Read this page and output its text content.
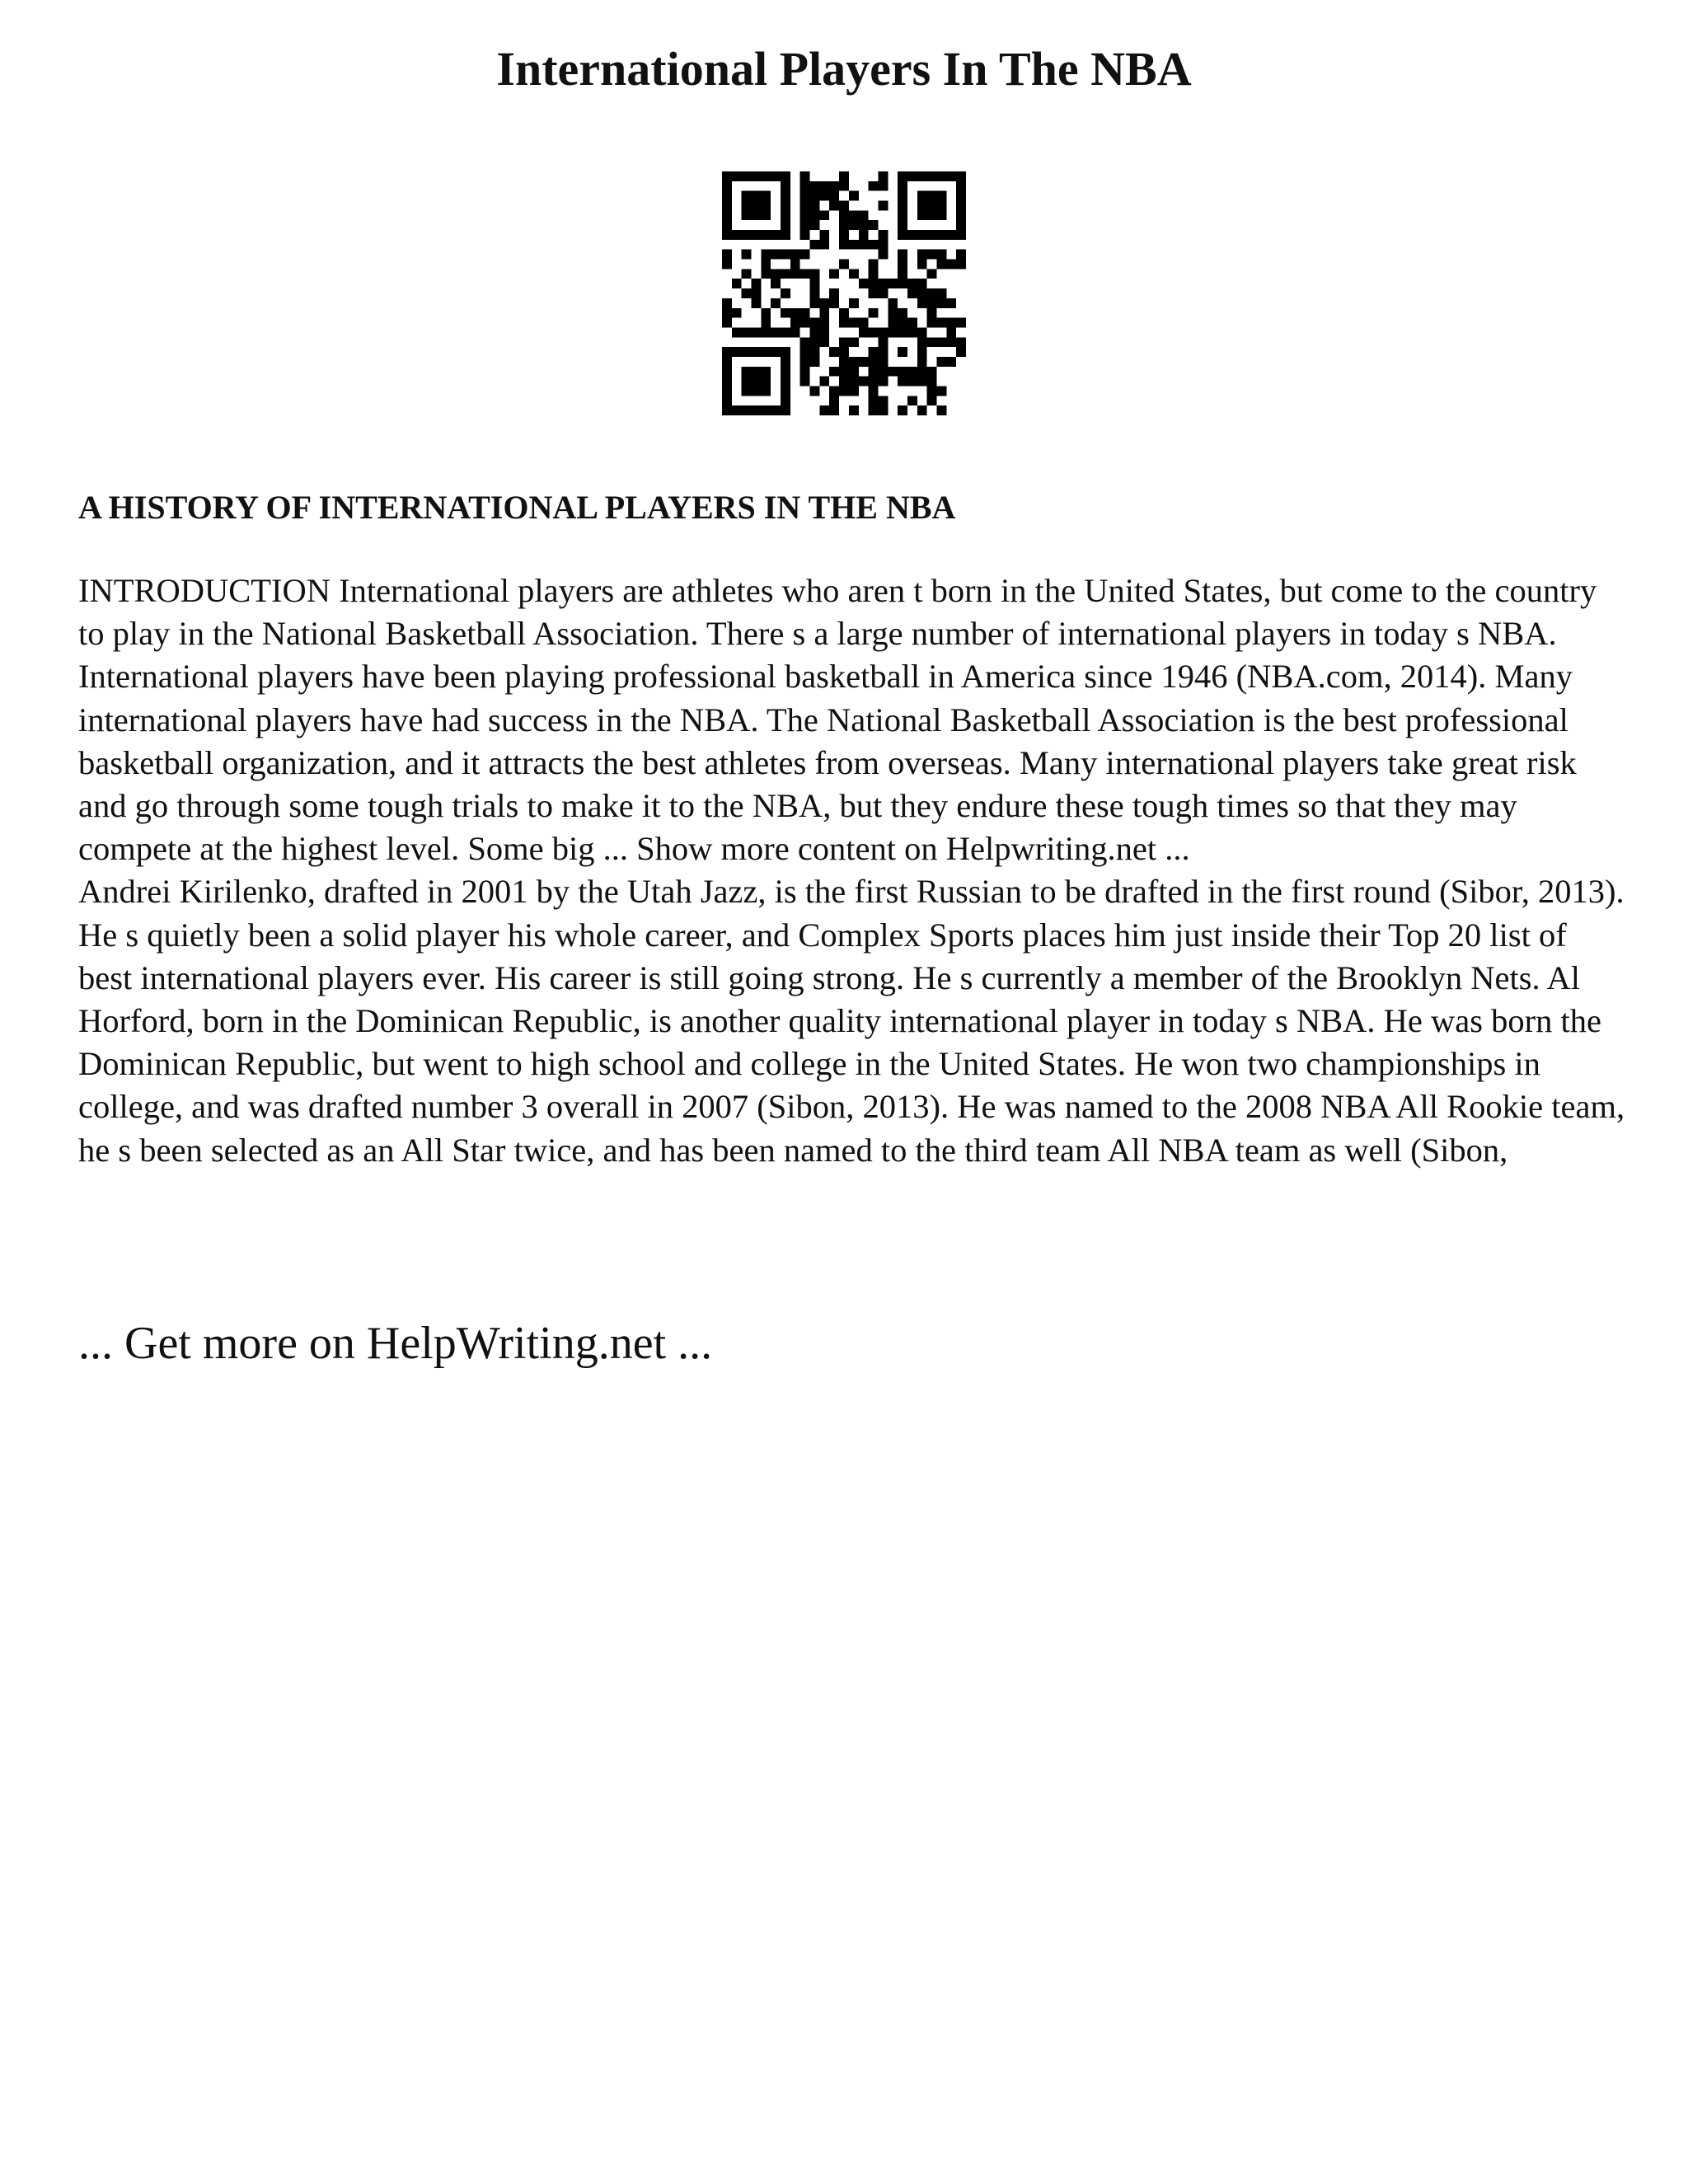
International Players In The NBA
A HISTORY OF INTERNATIONAL PLAYERS IN THE NBA

INTRODUCTION International players are athletes who aren t born in the United States, but come to the country to play in the National Basketball Association. There s a large number of international players in today s NBA. International players have been playing professional basketball in America since 1946 (NBA.com, 2014). Many international players have had success in the NBA. The National Basketball Association is the best professional basketball organization, and it attracts the best athletes from overseas. Many international players take great risk and go through some tough trials to make it to the NBA, but they endure these tough times so that they may compete at the highest level. Some big ... Show more content on Helpwriting.net ...

Andrei Kirilenko, drafted in 2001 by the Utah Jazz, is the first Russian to be drafted in the first round (Sibor, 2013). He s quietly been a solid player his whole career, and Complex Sports places him just inside their Top 20 list of best international players ever. His career is still going strong. He s currently a member of the Brooklyn Nets. Al Horford, born in the Dominican Republic, is another quality international player in today s NBA. He was born the Dominican Republic, but went to high school and college in the United States. He won two championships in college, and was drafted number 3 overall in 2007 (Sibon, 2013). He was named to the 2008 NBA All Rookie team, he s been selected as an All Star twice, and has been named to the third team All NBA team as well (Sibon,

... Get more on HelpWriting.net ...
